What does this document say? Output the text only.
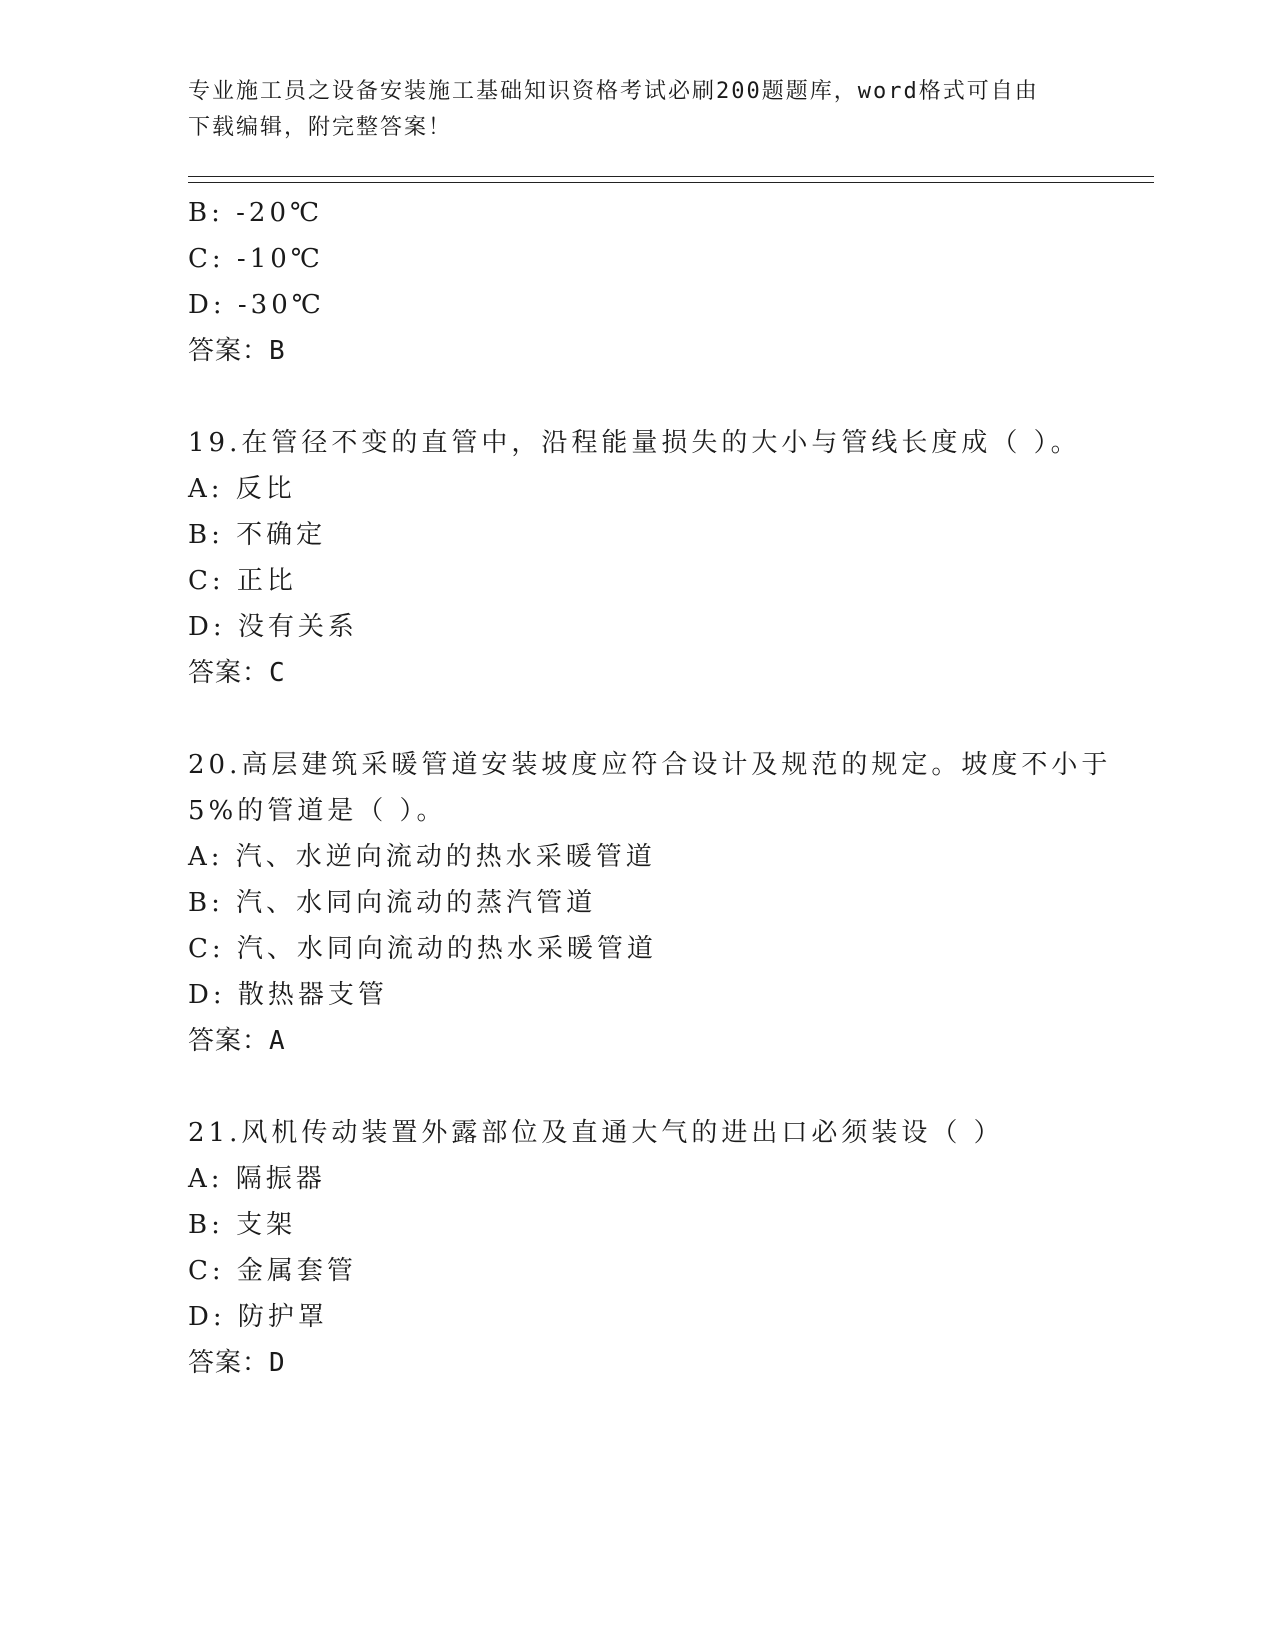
专业施工员之设备安装施工基础知识资格考试必刷200题题库，word格式可自由
下载编辑，附完整答案！
B: -20℃
C: -10℃
D: -30℃
答案：B
19.在管径不变的直管中，沿程能量损失的大小与管线长度成（ ）。
A: 反比
B: 不确定
C: 正比
D: 没有关系
答案：C
20.高层建筑采暖管道安装坡度应符合设计及规范的规定。坡度不小于
5%的管道是（ ）。
A: 汽、水逆向流动的热水采暖管道
B: 汽、水同向流动的蒸汽管道
C: 汽、水同向流动的热水采暖管道
D: 散热器支管
答案：A
21.风机传动装置外露部位及直通大气的进出口必须装设（ ）
A: 隔振器
B: 支架
C: 金属套管
D: 防护罩
答案：D
